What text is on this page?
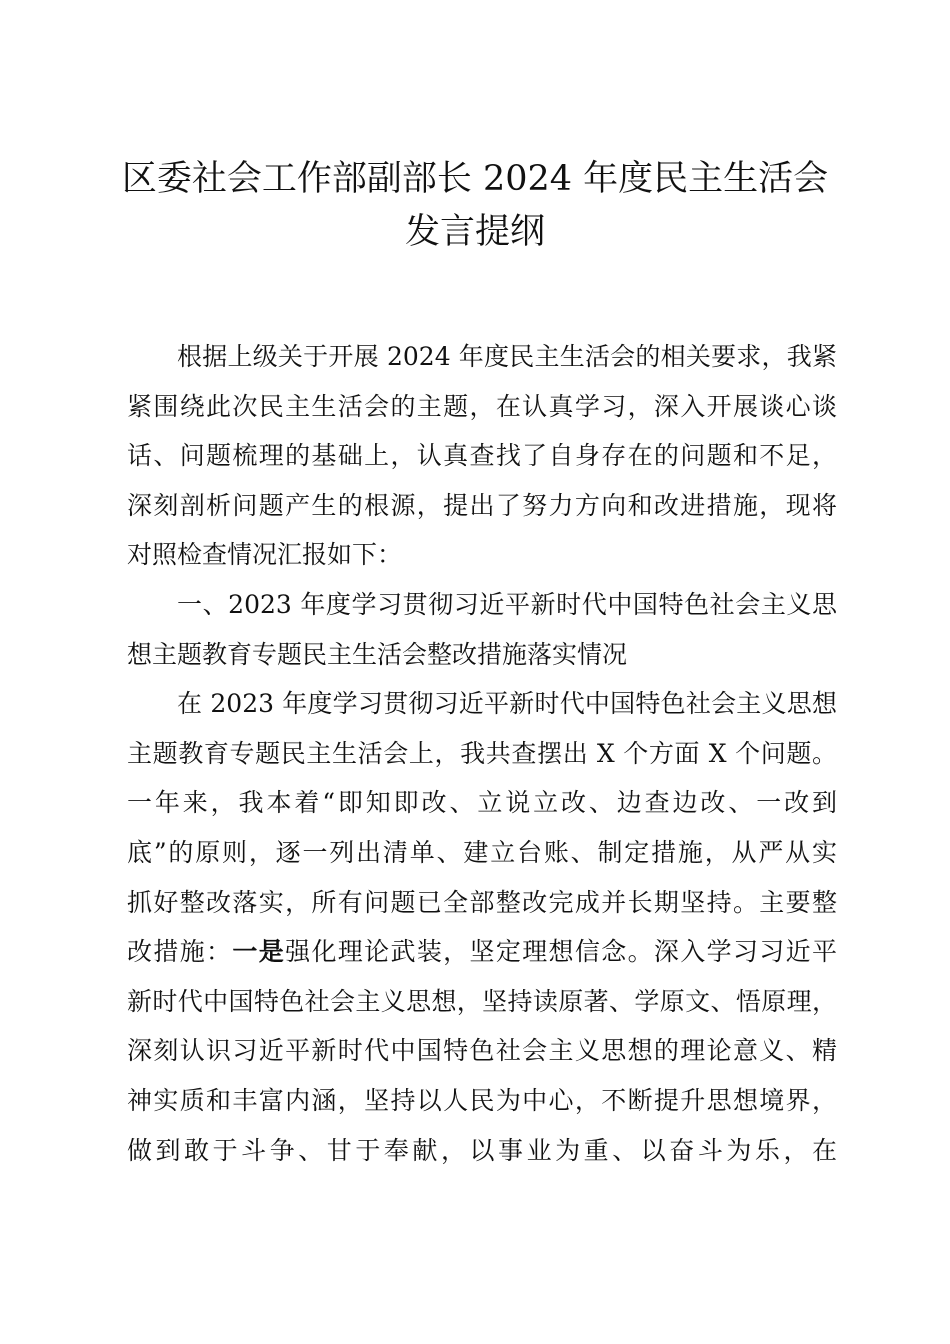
区委社会工作部副部长 2024 年度民主生活会
发言提纲
根据上级关于开展 2024 年度民主生活会的相关要求，我紧
紧围绕此次民主生活会的主题，在认真学习，深入开展谈心谈
话、问题梳理的基础上，认真查找了自身存在的问题和不足，
深刻剖析问题产生的根源，提出了努力方向和改进措施，现将
对照检查情况汇报如下：
一、2023 年度学习贯彻习近平新时代中国特色社会主义思
想主题教育专题民主生活会整改措施落实情况
在 2023 年度学习贯彻习近平新时代中国特色社会主义思想
主题教育专题民主生活会上，我共查摆出 X 个方面 X 个问题。
一年来，我本着“即知即改、立说立改、边查边改、一改到
底”的原则，逐一列出清单、建立台账、制定措施，从严从实
抓好整改落实，所有问题已全部整改完成并长期坚持。主要整
改措施：一是强化理论武装，坚定理想信念。深入学习习近平
新时代中国特色社会主义思想，坚持读原著、学原文、悟原理，
深刻认识习近平新时代中国特色社会主义思想的理论意义、精
神实质和丰富内涵，坚持以人民为中心，不断提升思想境界，
做到敢于斗争、甘于奉献，以事业为重、以奋斗为乐，在
